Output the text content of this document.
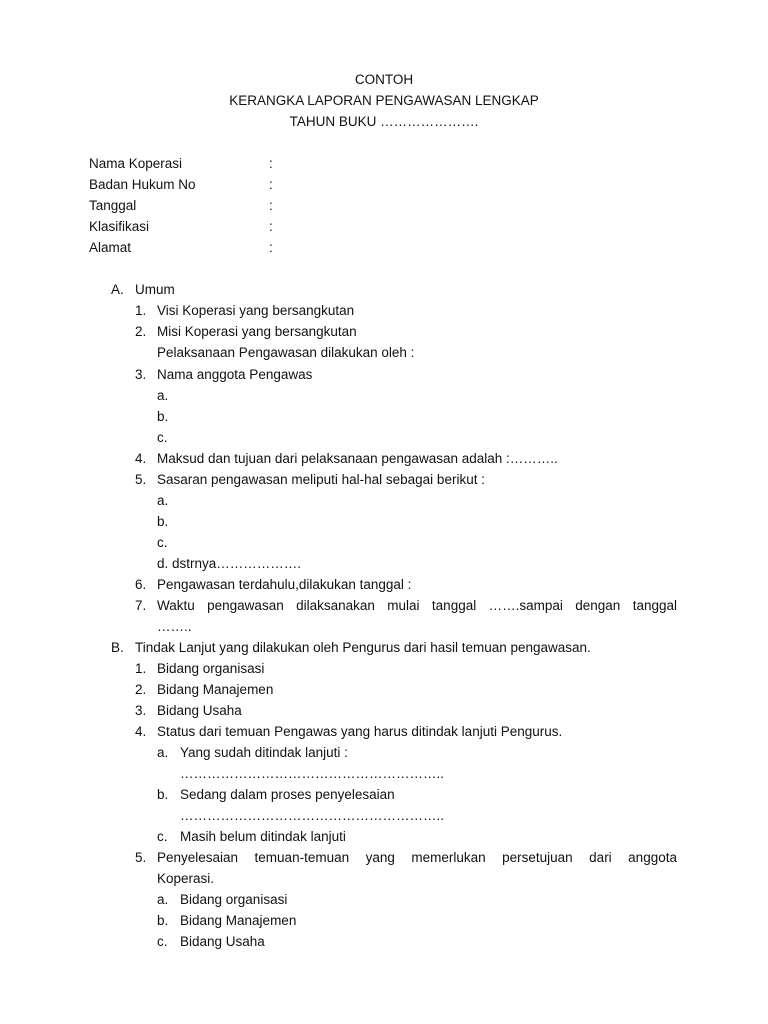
CONTOH
KERANGKA LAPORAN PENGAWASAN LENGKAP
TAHUN BUKU ………………….
Nama Koperasi	:
Badan Hukum No	:
Tanggal	:
Klasifikasi	:
Alamat	:
A. Umum
1. Visi Koperasi yang bersangkutan
2. Misi Koperasi yang bersangkutan
Pelaksanaan Pengawasan dilakukan oleh :
3. Nama anggota Pengawas
a.
b.
c.
4. Maksud dan tujuan dari pelaksanaan pengawasan adalah :………..
5. Sasaran pengawasan meliputi hal-hal sebagai berikut :
a.
b.
c.
d. dstrnya……………….
6. Pengawasan terdahulu,dilakukan tanggal :
7. Waktu pengawasan dilaksanakan mulai tanggal …….sampai dengan tanggal
……..
B. Tindak Lanjut yang dilakukan oleh Pengurus dari hasil temuan pengawasan.
1. Bidang organisasi
2. Bidang Manajemen
3. Bidang Usaha
4. Status dari temuan Pengawas yang harus ditindak lanjuti Pengurus.
a. Yang sudah ditindak lanjuti :
…………………………………………………..
b. Sedang dalam proses penyelesaian
…………………………………………………..
c. Masih belum ditindak lanjuti
5. Penyelesaian temuan-temuan yang memerlukan persetujuan dari anggota
Koperasi.
a. Bidang organisasi
b. Bidang Manajemen
c. Bidang Usaha
